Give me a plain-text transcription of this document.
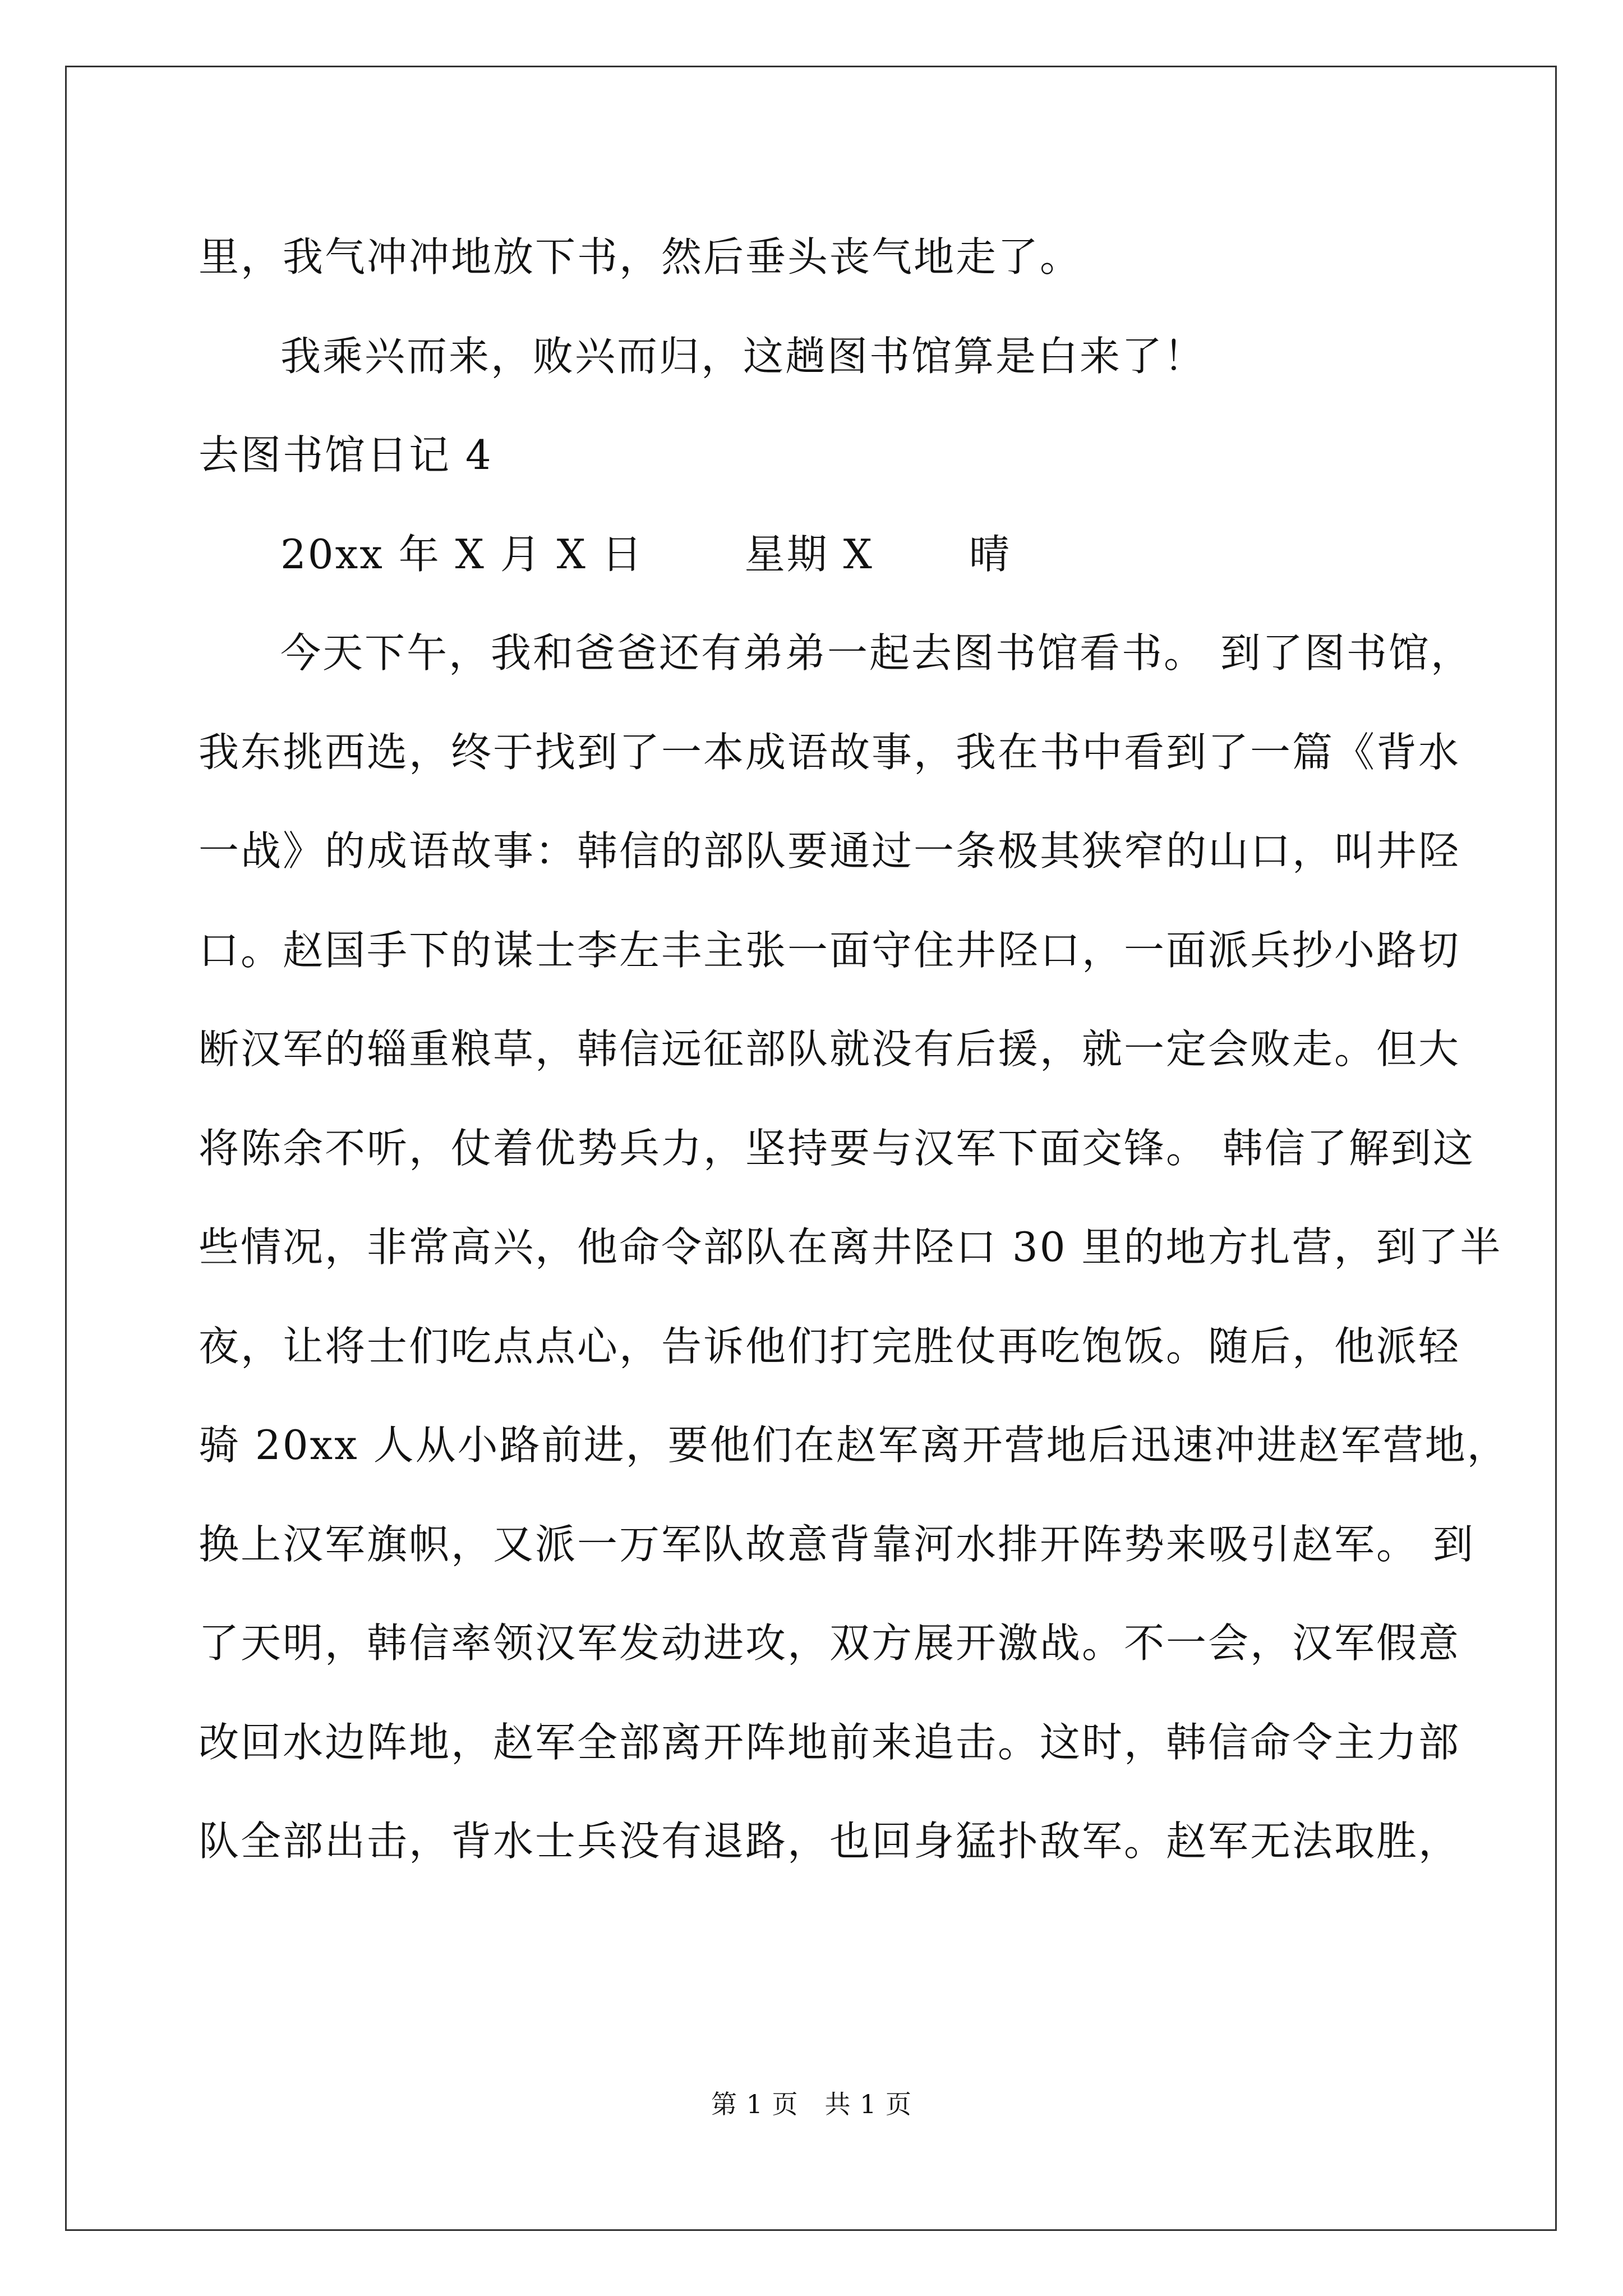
里，我气冲冲地放下书，然后垂头丧气地走了。
我乘兴而来，败兴而归，这趟图书馆算是白来了！
去图书馆日记 4
20xx 年 X 月 X 日	星期 X 晴
今天下午，我和爸爸还有弟弟一起去图书馆看书。 到了图书馆，
我东挑西选，终于找到了一本成语故事，我在书中看到了一篇《背水
一战》的成语故事：韩信的部队要通过一条极其狭窄的山口，叫井陉
口。赵国手下的谋士李左丰主张一面守住井陉口，一面派兵抄小路切
断汉军的辎重粮草，韩信远征部队就没有后援，就一定会败走。但大
将陈余不听，仗着优势兵力，坚持要与汉军下面交锋。 韩信了解到这
些情况，非常高兴，他命令部队在离井陉口 30 里的地方扎营，到了半
夜，让将士们吃点点心，告诉他们打完胜仗再吃饱饭。随后，他派轻
骑 20xx 人从小路前进，要他们在赵军离开营地后迅速冲进赵军营地，
换上汉军旗帜，又派一万军队故意背靠河水排开阵势来吸引赵军。 到
了天明，韩信率领汉军发动进攻，双方展开激战。不一会，汉军假意
改回水边阵地，赵军全部离开阵地前来追击。这时，韩信命令主力部
队全部出击，背水士兵没有退路，也回身猛扑敌军。赵军无法取胜，
第 1 页　共 1 页
